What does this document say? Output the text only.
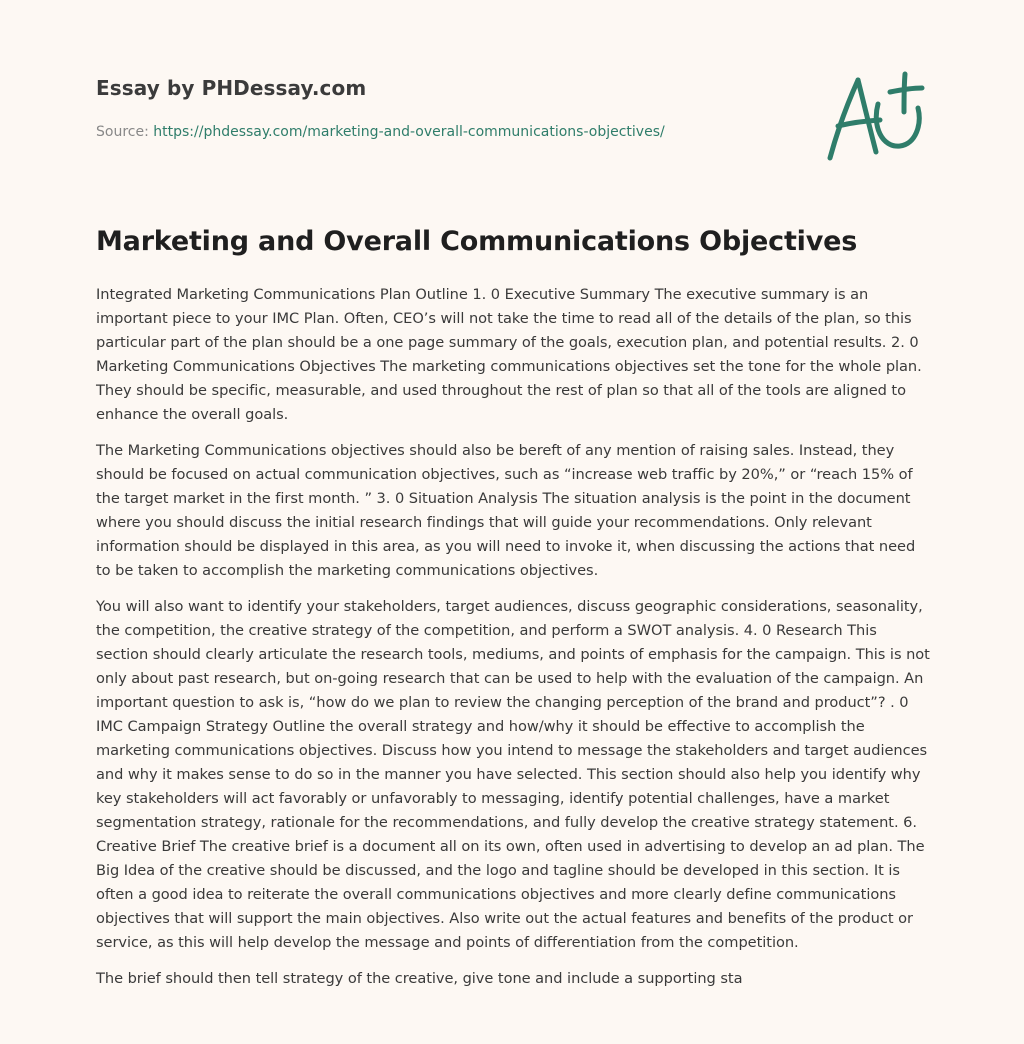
Essay by PHDessay.com
Source: https://phdessay.com/marketing-and-overall-communications-objectives/
Marketing and Overall Communications Objectives

Integrated Marketing Communications Plan Outline 1. 0 Executive Summary The executive summary is an important piece to your IMC Plan. Often, CEO’s will not take the time to read all of the details of the plan, so this particular part of the plan should be a one page summary of the goals, execution plan, and potential results. 2. 0 Marketing Communications Objectives The marketing communications objectives set the tone for the whole plan. They should be specific, measurable, and used throughout the rest of plan so that all of the tools are aligned to enhance the overall goals.

The Marketing Communications objectives should also be bereft of any mention of raising sales. Instead, they should be focused on actual communication objectives, such as “increase web traffic by 20%,” or “reach 15% of the target market in the first month. ” 3. 0 Situation Analysis The situation analysis is the point in the document where you should discuss the initial research findings that will guide your recommendations. Only relevant information should be displayed in this area, as you will need to invoke it, when discussing the actions that need to be taken to accomplish the marketing communications objectives.

You will also want to identify your stakeholders, target audiences, discuss geographic considerations, seasonality, the competition, the creative strategy of the competition, and perform a SWOT analysis. 4. 0 Research This section should clearly articulate the research tools, mediums, and points of emphasis for the campaign. This is not only about past research, but on-going research that can be used to help with the evaluation of the campaign. An important question to ask is, “how do we plan to review the changing perception of the brand and product”? . 0 IMC Campaign Strategy Outline the overall strategy and how/why it should be effective to accomplish the marketing communications objectives. Discuss how you intend to message the stakeholders and target audiences and why it makes sense to do so in the manner you have selected. This section should also help you identify why key stakeholders will act favorably or unfavorably to messaging, identify potential challenges, have a market segmentation strategy, rationale for the recommendations, and fully develop the creative strategy statement. 6. Creative Brief The creative brief is a document all on its own, often used in advertising to develop an ad plan. The Big Idea of the creative should be discussed, and the logo and tagline should be developed in this section. It is often a good idea to reiterate the overall communications objectives and more clearly define communications objectives that will support the main objectives. Also write out the actual features and benefits of the product or service, as this will help develop the message and points of differentiation from the competition.

The brief should then tell strategy of the creative, give tone and include a supporting sta
